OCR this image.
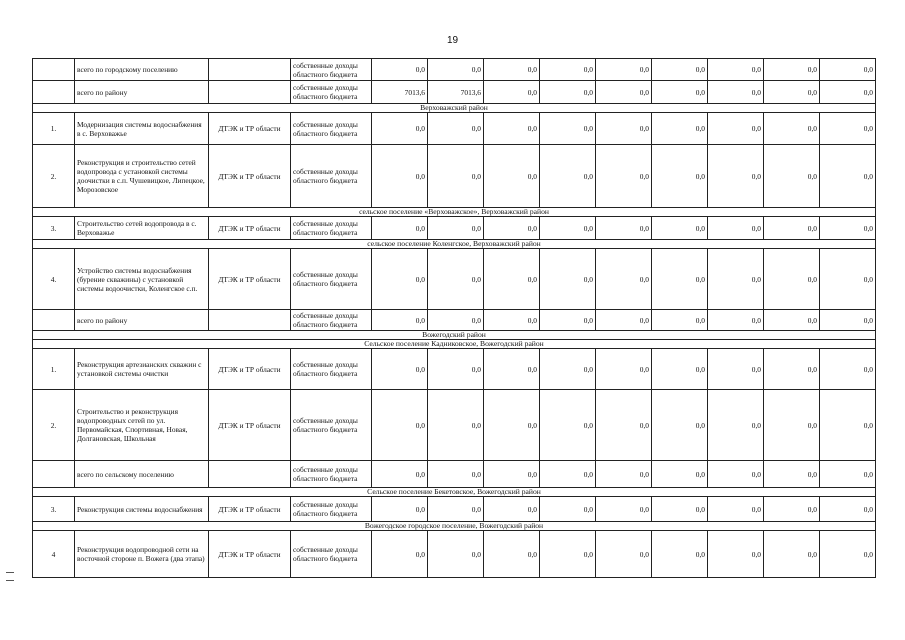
19
	всего по городскому поселению		собственные доходы областного бюджета	0,0	0,0	0,0	0,0	0,0	0,0	0,0	0,0	0,0
	всего по району		собственные доходы областного бюджета	7013,6	7013,6	0,0	0,0	0,0	0,0	0,0	0,0	0,0
Верховажский район												
1.	Модернизация системы водоснабжения в с. Верховажье	ДТЭК и ТР области	собственные доходы областного бюджета	0,0	0,0	0,0	0,0	0,0	0,0	0,0	0,0	0,0
2.	Реконструкция и строительство сетей водопровода с установкой системы доочистки в с.п. Чушевицкое, Липецкое, Морозовское	ДТЭК и ТР области	собственные доходы областного бюджета	0,0	0,0	0,0	0,0	0,0	0,0	0,0	0,0	0,0
сельское поселение «Верховажское», Верховажский район												
3.	Строительство сетей водопровода в с. Верховажье	ДТЭК и ТР области	собственные доходы областного бюджета	0,0	0,0	0,0	0,0	0,0	0,0	0,0	0,0	0,0
сельское поселение Коленгское, Верховажский район												
4.	Устройство системы водоснабжения (бурение скважины) с установкой системы водоочистки, Коленгское с.п.	ДТЭК и ТР области	собственные доходы областного бюджета	0,0	0,0	0,0	0,0	0,0	0,0	0,0	0,0	0,0
	всего по району		собственные доходы областного бюджета	0,0	0,0	0,0	0,0	0,0	0,0	0,0	0,0	0,0
Вожегодский район												
Сельское поселение Кадниковское, Вожегодский район												
1.	Реконструкция артезианских скважин с установкой системы очистки	ДТЭК и ТР области	собственные доходы областного бюджета	0,0	0,0	0,0	0,0	0,0	0,0	0,0	0,0	0,0
2.	Строительство и реконструкция водопроводных сетей по ул. Первомайская, Спортивная, Новая, Долгановская, Школьная	ДТЭК и ТР области	собственные доходы областного бюджета	0,0	0,0	0,0	0,0	0,0	0,0	0,0	0,0	0,0
	всего по сельскому поселению		собственные доходы областного бюджета	0,0	0,0	0,0	0,0	0,0	0,0	0,0	0,0	0,0
Сельское поселение Бекетовское, Вожегодский район												
3.	Реконструкция системы водоснабжения	ДТЭК и ТР области	собственные доходы областного бюджета	0,0	0,0	0,0	0,0	0,0	0,0	0,0	0,0	0,0
Вожегодское городское поселение, Вожегодский район												
4	Реконструкция водопроводной сети на восточной стороне п. Вожега (два этапа)	ДТЭК и ТР области	собственные доходы областного бюджета	0,0	0,0	0,0	0,0	0,0	0,0	0,0	0,0	0,0
